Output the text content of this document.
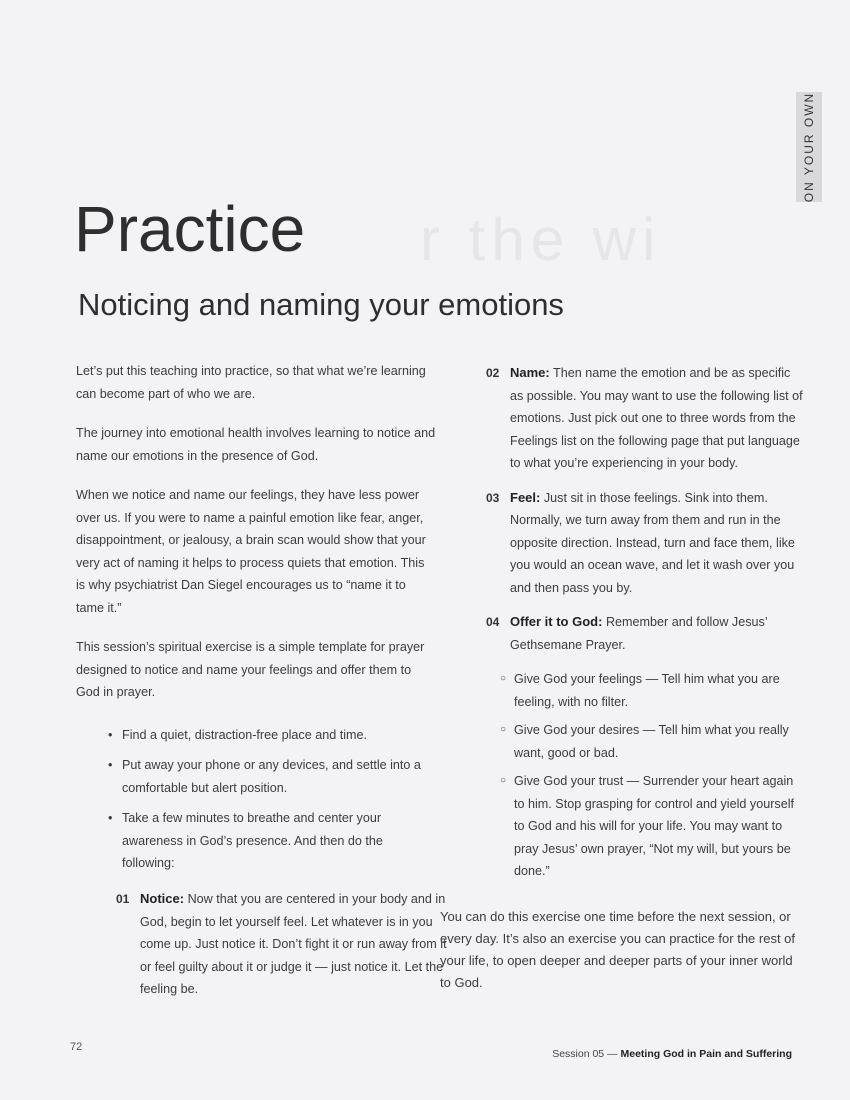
r the wi
ON YOUR OWN
Practice
Noticing and naming your emotions

Let’s put this teaching into practice, so that what we’re learning can become part of who we are.

The journey into emotional health involves learning to notice and name our emotions in the presence of God.

When we notice and name our feelings, they have less power over us. If you were to name a painful emotion like fear, anger, disappointment, or jealousy, a brain scan would show that your very act of naming it helps to process quiets that emotion. This is why psychiatrist Dan Siegel encourages us to “name it to tame it.”

This session’s spiritual exercise is a simple template for prayer designed to notice and name your feelings and offer them to God in prayer.

• Find a quiet, distraction-free place and time.
• Put away your phone or any devices, and settle into a comfortable but alert position.
• Take a few minutes to breathe and center your awareness in God’s presence. And then do the following:
01 Notice: Now that you are centered in your body and in God, begin to let yourself feel. Let whatever is in you come up. Just notice it. Don’t fight it or run away from it or feel guilty about it or judge it — just notice it. Let the feeling be.

02 Name: Then name the emotion and be as specific as possible. You may want to use the following list of emotions. Just pick out one to three words from the Feelings list on the following page that put language to what you’re experiencing in your body.

03 Feel: Just sit in those feelings. Sink into them. Normally, we turn away from them and run in the opposite direction. Instead, turn and face them, like you would an ocean wave, and let it wash over you and then pass you by.

04 Offer it to God: Remember and follow Jesus’ Gethsemane Prayer.

○ Give God your feelings — Tell him what you are feeling, with no filter.
○ Give God your desires — Tell him what you really want, good or bad.
○ Give God your trust — Surrender your heart again to him. Stop grasping for control and yield yourself to God and his will for your life. You may want to pray Jesus’ own prayer, “Not my will, but yours be done.”

You can do this exercise one time before the next session, or every day. It’s also an exercise you can practice for the rest of your life, to open deeper and deeper parts of your inner world to God.

72
Session 05 — Meeting God in Pain and Suffering
